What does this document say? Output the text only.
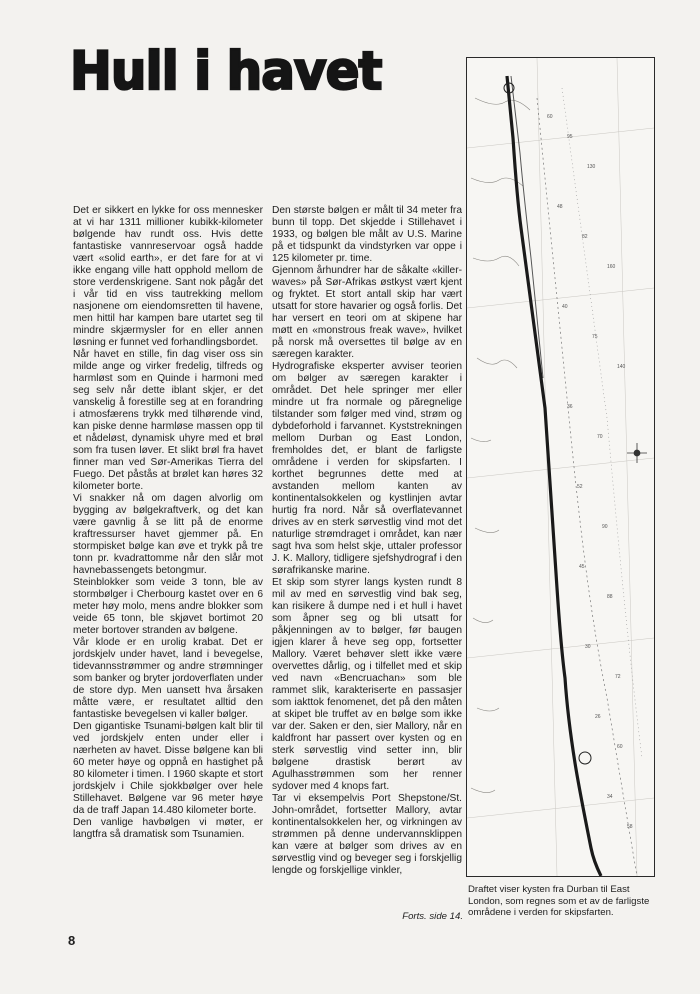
Hull i havet

Det er sikkert en lykke for oss mennesker at vi har 1311 millioner kubikk-kilometer bølgende hav rundt oss. Hvis dette fantastiske vannreservoar også hadde vært «solid earth», er det fare for at vi ikke engang ville hatt opphold mellom de store verdenskrigene. Sant nok pågår det i vår tid en viss tautrekking mellom nasjonene om eiendomsretten til havene, men hittil har kampen bare utartet seg til mindre skjærmysler for en eller annen løsning er funnet ved forhandlingsbordet.

Når havet en stille, fin dag viser oss sin milde ange og virker fredelig, tilfreds og harmløst som en Quinde i harmoni med seg selv når dette iblant skjer, er det vanskelig å forestille seg at en forandring i atmosfærens trykk med tilhørende vind, kan piske denne harmløse massen opp til et nådeløst, dynamisk uhyre med et brøl som fra tusen løver. Et slikt brøl fra havet finner man ved Sør-Amerikas Tierra del Fuego. Det påstås at brølet kan høres 32 kilometer borte.

Vi snakker nå om dagen alvorlig om bygging av bølgekraftverk, og det kan være gavnlig å se litt på de enorme kraftressurser havet gjemmer på. En stormpisket bølge kan øve et trykk på tre tonn pr. kvadrattomme når den slår mot havnebassengets betongmur.

Steinblokker som veide 3 tonn, ble av stormbølger i Cherbourg kastet over en 6 meter høy molo, mens andre blokker som veide 65 tonn, ble skjøvet bortimot 20 meter bortover stranden av bølgene.

Vår klode er en urolig krabat. Det er jordskjelv under havet, land i bevegelse, tidevannsstrømmer og andre strømninger som banker og bryter jordoverflaten under de store dyp. Men uansett hva årsaken måtte være, er resultatet alltid den fantastiske bevegelsen vi kaller bølger.

Den gigantiske Tsunami-bølgen kalt blir til ved jordskjelv enten under eller i nærheten av havet. Disse bølgene kan bli 60 meter høye og oppnå en hastighet på 80 kilometer i timen. I 1960 skapte et stort jordskjelv i Chile sjokkbølger over hele Stillehavet. Bølgene var 96 meter høye da de traff Japan 14.480 kilometer borte.

Den vanlige havbølgen vi møter, er langtfra så dramatisk som Tsunamien.

Den største bølgen er målt til 34 meter fra bunn til topp. Det skjedde i Stillehavet i 1933, og bølgen ble målt av U.S. Marine på et tidspunkt da vindstyrken var oppe i 125 kilometer pr. time.

Gjennom århundrer har de såkalte «killer-waves» på Sør-Afrikas østkyst vært kjent og fryktet. Et stort antall skip har vært utsatt for store havarier og også forlis. Det har versert en teori om at skipene har møtt en «monstrous freak wave», hvilket på norsk må oversettes til bølge av en særegen karakter.

Hydrografiske eksperter avviser teorien om bølger av særegen karakter i området. Det hele springer mer eller mindre ut fra normale og păregnelige tilstander som følger med vind, strøm og dybdeforhold i farvannet. Kyststrekningen mellom Durban og East London, fremholdes det, er blant de farligste områdene i verden for skipsfarten. I korthet begrunnes dette med at avstanden mellom kanten av kontinentalsokkelen og kystlinjen avtar hurtig fra nord. Når så overflatevannet drives av en sterk sørvestlig vind mot det naturlige strømdraget i området, kan nær sagt hva som helst skje, uttaler professor J. K. Mallory, tidligere sjefshydrograf i den sørafrikanske marine.

Et skip som styrer langs kysten rundt 8 mil av med en sørvestlig vind bak seg, kan risikere å dumpe ned i et hull i havet som åpner seg og bli utsatt for påkjenningen av to bølger, før baugen igjen klarer å heve seg opp, fortsetter Mallory. Været behøver slett ikke være overvettes dårlig, og i tilfellet med et skip ved navn «Bencruachan» som ble rammet slik, karakteriserte en passasjer som iakttok fenomenet, det på den måten at skipet ble truffet av en bølge som ikke var der. Saken er den, sier Mallory, når en kaldfront har passert over kysten og en sterk sørvestlig vind setter inn, blir bølgene drastisk berørt av Agulhasstrømmen som her renner sydover med 4 knops fart.

Tar vi eksempelvis Port Shepstone/St. John-området, fortsetter Mallory, avtar kontinentalsokkelen her, og virkningen av strømmen på denne undervannsklippen kan være at bølger som drives av en sørvestlig vind og beveger seg i forskjellig lengde og forskjellige vinkler,

Forts. side 14.
60
95
130
48
82
160
40
75
140
36
70
52
90
45
88
30
72
26
60
34
58
Draftet viser kysten fra Durban til East London, som regnes som et av de farligste områdene i verden for skipsfarten.
8
